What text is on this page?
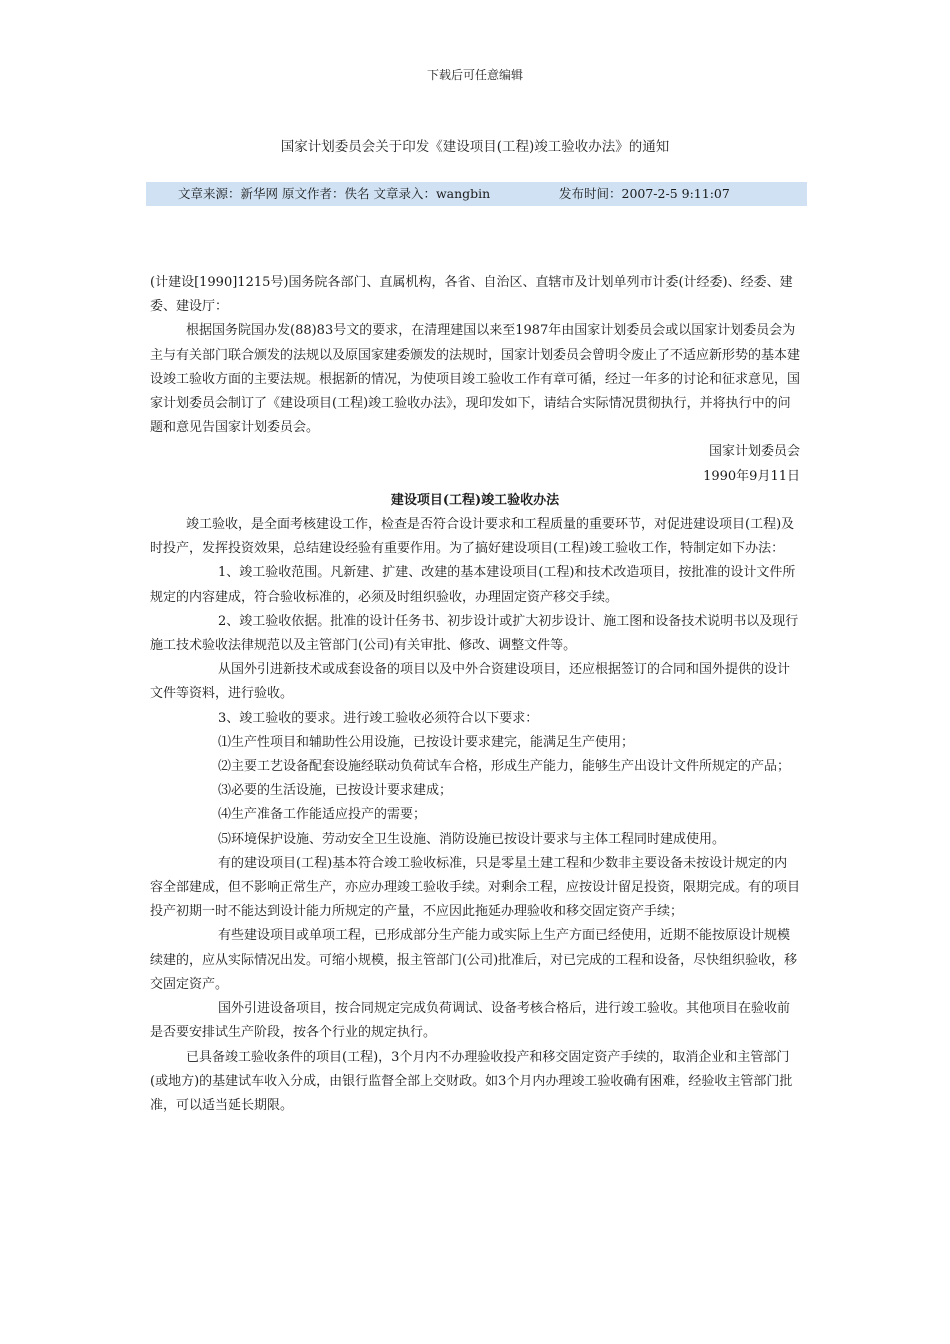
下载后可任意编辑
国家计划委员会关于印发《建设项目(工程)竣工验收办法》的通知
文章来源：新华网 原文作者：佚名 文章录入：wangbin	发布时间：2007-2-5 9:11:07

(计建设[1990]1215号)国务院各部门、直属机构，各省、自治区、直辖市及计划单列市计委(计经委)、经委、建委、建设厅：

根据国务院国办发(88)83号文的要求，在清理建国以来至1987年由国家计划委员会或以国家计划委员会为主与有关部门联合颁发的法规以及原国家建委颁发的法规时，国家计划委员会曾明令废止了不适应新形势的基本建设竣工验收方面的主要法规。根据新的情况，为使项目竣工验收工作有章可循，经过一年多的讨论和征求意见，国家计划委员会制订了《建设项目(工程)竣工验收办法》，现印发如下，请结合实际情况贯彻执行，并将执行中的问题和意见告国家计划委员会。

国家计划委员会

1990年9月11日

建设项目(工程)竣工验收办法

竣工验收，是全面考核建设工作，检查是否符合设计要求和工程质量的重要环节，对促进建设项目(工程)及时投产，发挥投资效果，总结建设经验有重要作用。为了搞好建设项目(工程)竣工验收工作，特制定如下办法：

1、竣工验收范围。凡新建、扩建、改建的基本建设项目(工程)和技术改造项目，按批准的设计文件所规定的内容建成，符合验收标准的，必须及时组织验收，办理固定资产移交手续。

2、竣工验收依据。批准的设计任务书、初步设计或扩大初步设计、施工图和设备技术说明书以及现行施工技术验收法律规范以及主管部门(公司)有关审批、修改、调整文件等。

从国外引进新技术或成套设备的项目以及中外合资建设项目，还应根据签订的合同和国外提供的设计文件等资料，进行验收。

3、竣工验收的要求。进行竣工验收必须符合以下要求：

⑴生产性项目和辅助性公用设施，已按设计要求建完，能满足生产使用；

⑵主要工艺设备配套设施经联动负荷试车合格，形成生产能力，能够生产出设计文件所规定的产品；

⑶必要的生活设施，已按设计要求建成；

⑷生产准备工作能适应投产的需要；

⑸环境保护设施、劳动安全卫生设施、消防设施已按设计要求与主体工程同时建成使用。

有的建设项目(工程)基本符合竣工验收标准，只是零星土建工程和少数非主要设备未按设计规定的内容全部建成，但不影响正常生产，亦应办理竣工验收手续。对剩余工程，应按设计留足投资，限期完成。有的项目投产初期一时不能达到设计能力所规定的产量，不应因此拖延办理验收和移交固定资产手续；

有些建设项目或单项工程，已形成部分生产能力或实际上生产方面已经使用，近期不能按原设计规模续建的，应从实际情况出发。可缩小规模，报主管部门(公司)批准后，对已完成的工程和设备，尽快组织验收，移交固定资产。

国外引进设备项目，按合同规定完成负荷调试、设备考核合格后，进行竣工验收。其他项目在验收前是否要安排试生产阶段，按各个行业的规定执行。

已具备竣工验收条件的项目(工程)，3个月内不办理验收投产和移交固定资产手续的，取消企业和主管部门(或地方)的基建试车收入分成，由银行监督全部上交财政。如3个月内办理竣工验收确有困难，经验收主管部门批准，可以适当延长期限。
